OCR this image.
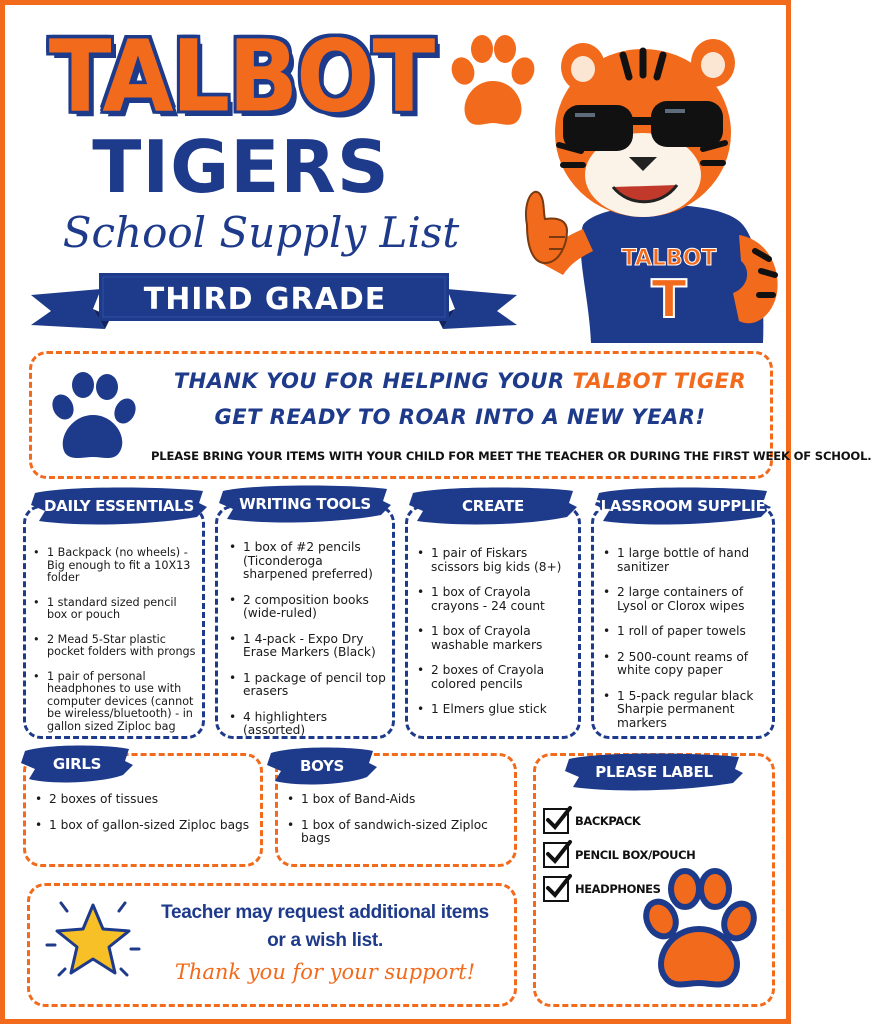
TALBOT
TIGERS
School Supply List
THIRD GRADE
TALBOT
T
THANK YOU FOR HELPING YOUR TALBOT TIGER
GET READY TO ROAR INTO A NEW YEAR!
PLEASE BRING YOUR ITEMS WITH YOUR CHILD FOR MEET THE TEACHER OR DURING THE FIRST WEEK OF SCHOOL.
DAILY ESSENTIALS	WRITING TOOLS	CREATE	CLASSROOM SUPPLIES
• 1 Backpack (no wheels) - Big enough to fit a 10X13 folder
• 1 standard sized pencil box or pouch
• 2 Mead 5-Star plastic pocket folders with prongs
• 1 pair of personal headphones to use with computer devices (cannot be wireless/bluetooth) - in gallon sized Ziploc bag
• 1 box of #2 pencils (Ticonderoga sharpened preferred)
• 2 composition books (wide-ruled)
• 1 4-pack - Expo Dry Erase Markers (Black)
• 1 package of pencil top erasers
• 4 highlighters (assorted)
• 1 pair of Fiskars scissors big kids (8+)
• 1 box of Crayola crayons - 24 count
• 1 box of Crayola washable markers
• 2 boxes of Crayola colored pencils
• 1 Elmers glue stick
• 1 large bottle of hand sanitizer
• 2 large containers of Lysol or Clorox wipes
• 1 roll of paper towels
• 2 500-count reams of white copy paper
• 1 5-pack regular black Sharpie permanent markers
GIRLS	BOYS	PLEASE LABEL
• 2 boxes of tissues
• 1 box of gallon-sized Ziploc bags
• 1 box of Band-Aids
• 1 box of sandwich-sized Ziploc bags
BACKPACK
PENCIL BOX/POUCH
HEADPHONES
Teacher may request additional items
or a wish list.
Thank you for your support!
